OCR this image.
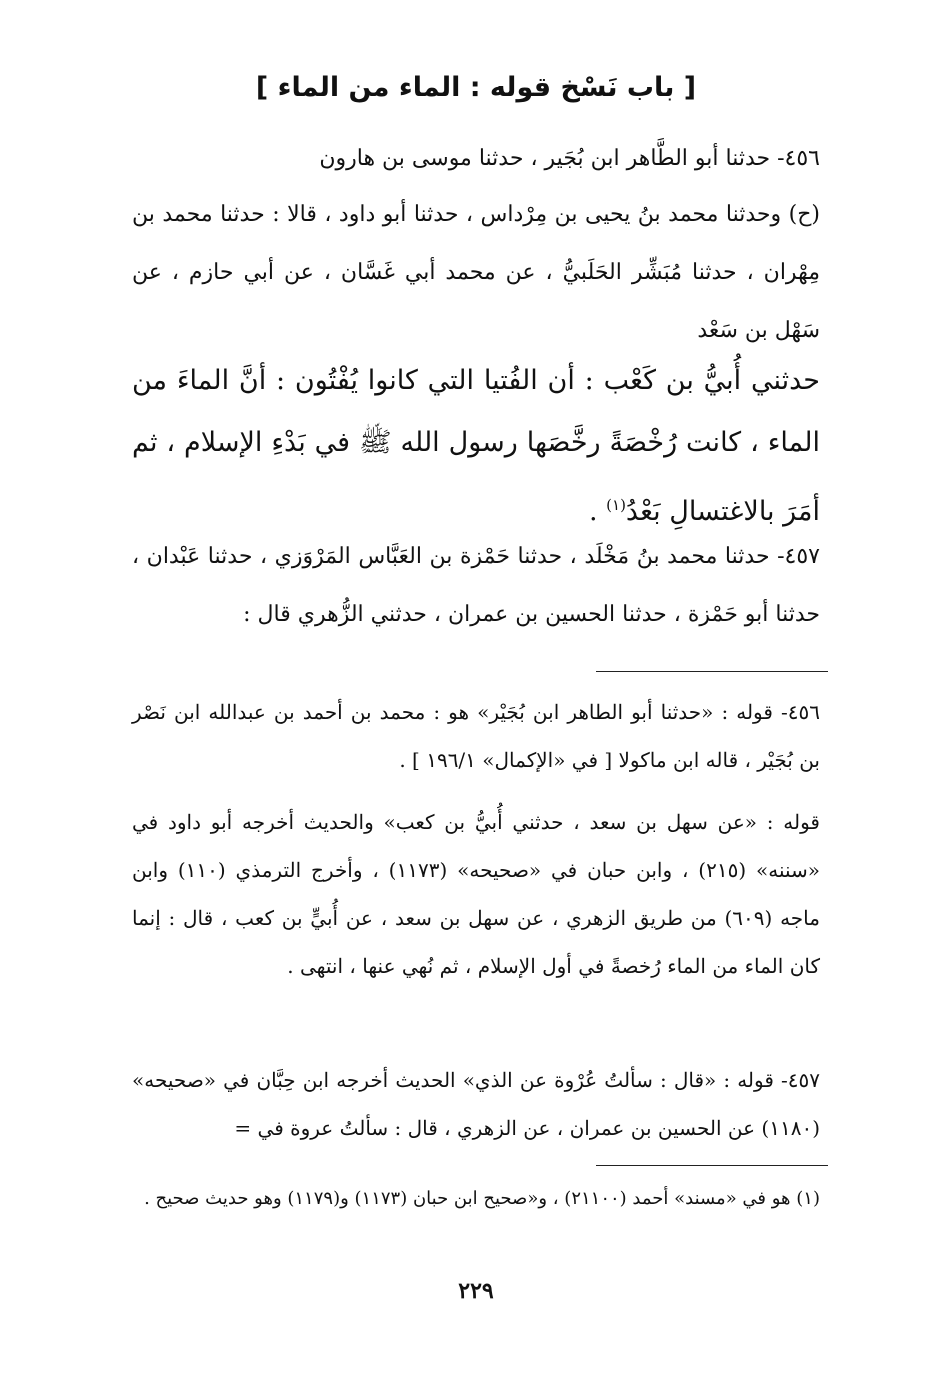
[ باب نَسْخ قوله : الماء من الماء ]
٤٥٦- حدثنا أبو الطَّاهر ابن بُجَير ، حدثنا موسى بن هارون
(ح) وحدثنا محمد بنُ يحيى بن مِرْداس ، حدثنا أبو داود ، قالا : حدثنا محمد بن مِهْران ، حدثنا مُبَشِّر الحَلَبيُّ ، عن محمد أبي غَسَّان ، عن أبي حازم ، عن سَهْل بن سَعْد
حدثني أُبيُّ بن كَعْب : أن الفُتيا التي كانوا يُفْتُون : أنَّ الماءَ من الماء ، كانت رُخْصَةً رخَّصَها رسول الله ﷺ في بَدْءِ الإسلام ، ثم أمَرَ بالاغتسالِ بَعْدُ$^{(١)}$ .
٤٥٧- حدثنا محمد بنُ مَخْلَد ، حدثنا حَمْزة بن العَبَّاس المَرْوَزي ، حدثنا عَبْدان ، حدثنا أبو حَمْزة ، حدثنا الحسين بن عمران ، حدثني الزُّهري قال :
٤٥٦- قوله : «حدثنا أبو الطاهر ابن بُجَيْر» هو : محمد بن أحمد بن عبدالله ابن نَصْر بن بُجَيْر ، قاله ابن ماكولا [ في «الإكمال» ١٩٦/١ ] .
قوله : «عن سهل بن سعد ، حدثني أُبيُّ بن كعب» والحديث أخرجه أبو داود في «سننه» (٢١٥) ، وابن حبان في «صحيحه» (١١٧٣) ، وأخرج الترمذي (١١٠) وابن ماجه (٦٠٩) من طريق الزهري ، عن سهل بن سعد ، عن أُبيٍّ بن كعب ، قال : إنما كان الماء من الماء رُخصةً في أول الإسلام ، ثم نُهي عنها ، انتهى .
٤٥٧- قوله : «قال : سألتُ عُرْوة عن الذي» الحديث أخرجه ابن حِبَّان في «صحيحه» (١١٨٠) عن الحسين بن عمران ، عن الزهري ، قال : سألتُ عروة في =
(١) هو في «مسند» أحمد (٢١١٠٠) ، و«صحيح ابن حبان (١١٧٣) و(١١٧٩) وهو حديث صحيح .
٢٢٩
